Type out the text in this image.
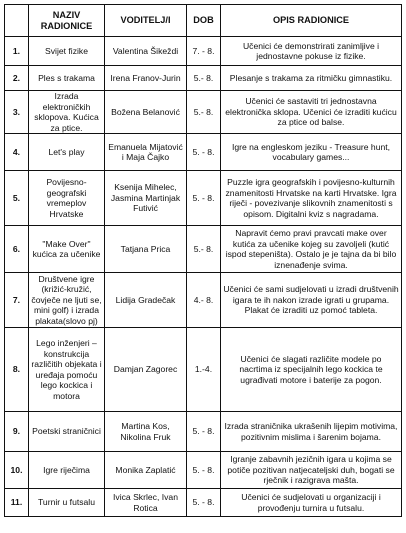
	NAZIV RADIONICE	VODITELJ/I	DOB	OPIS RADIONICE
1.	Svijet fizike	Valentina Šikeždi	7. - 8.	Učenici će demonstrirati zanimljive i jednostavne pokuse iz fizike.
2.	Ples s trakama	Irena Franov-Jurin	5.- 8.	Plesanje s trakama za ritmičku gimnastiku.
3.	Izrada elektroničkih sklopova. Kućica za ptice.	Božena Belanović	5.- 8.	Učenici će sastaviti tri jednostavna elektronička sklopa. Učenici će izraditi kućicu za ptice od balse.
4.	Let's play	Emanuela Mijatović i Maja Čajko	5. - 8.	Igre na engleskom jeziku - Treasure hunt, vocabulary games...
5.	Povijesno-geografski vremeplov Hrvatske	Ksenija Mihelec, Jasmina Martinjak Futivić	5. - 8.	Puzzle igra geografskih i povijesno-kulturnih znamenitosti Hrvatske na karti Hrvatske. Igra riječi - povezivanje slikovnih znamenitosti s opisom. Digitalni kviz s nagradama.
6.	"Make Over" kućica za učenike	Tatjana Prica	5.- 8.	Napravit ćemo pravi pravcati make over kutića za učenike kojeg su zavoljeli (kutić ispod stepeništa). Ostalo je je tajna da bi bilo iznenađenje svima.
7.	Društvene igre (križić-kružić, čovječe ne ljuti se, mini golf) i izrada plakata(slovo pj)	Lidija Gradečak	4.- 8.	Učenici će sami sudjelovati u izradi društvenih igara te ih nakon izrade igrati u grupama. Plakat će izraditi uz pomoć tableta.
8.	Lego inženjeri – konstrukcija različitih objekata i uređaja pomoću lego kockica i motora	Damjan Zagorec	1.-4.	Učenici će slagati različite modele po nacrtima iz specijalnih lego kockica te ugrađivati motore i baterije za pogon.
9.	Poetski straničnici	Martina Kos, Nikolina Fruk	5. - 8.	Izrada straničnika ukrašenih lijepim motivima, pozitivnim mislima i šarenim bojama.
10.	Igre riječima	Monika Zaplatić	5. - 8.	Igranje zabavnih jezičnih igara u kojima se potiče pozitivan natjecateljski duh, bogati se rječnik i razigrava mašta.
11.	Turnir u futsalu	Ivica Skrlec, Ivan Rotica	5. - 8.	Učenici će sudjelovati u organizaciji i provođenju turnira u futsalu.
